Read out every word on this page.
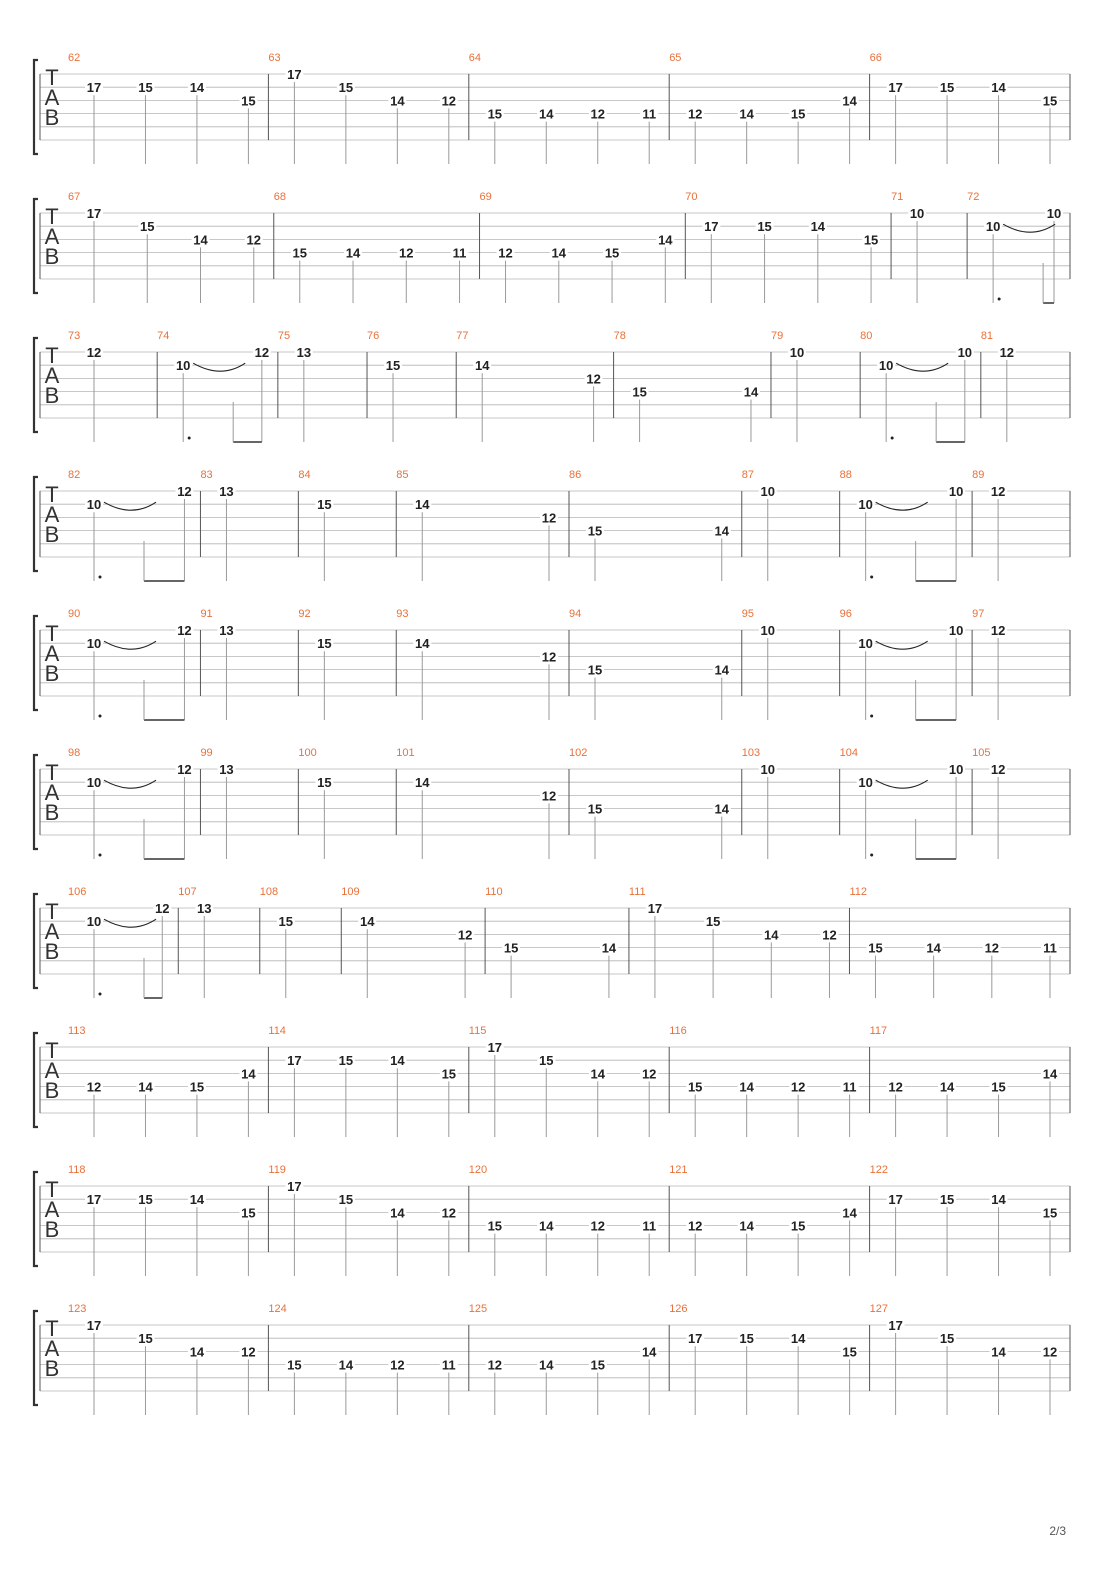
T
A
B
62
17	15	14
15
63
17
15
14	12
64
15	14	12	11
65
12	14	15
14
66
17	15	14
15
T
A
B
67
17
15
14	12
68
15	14	12	11
69
12	14	15
14
70
17	15	14
15
71
10
72
10
10
T
A
B
73
12
74
10
12
75
13
76
15
77
14
12
78
15	14
79
10
80
10
10
81
12
T
A
B
82
10
12
83
13
84
15
85
14
12
86
15	14
87
10
88
10
10
89
12
T
A
B
90
10
12
91
13
92
15
93
14
12
94
15	14
95
10
96
10
10
97
12
T
A
B
98
10
12
99
13
100
15
101
14
12
102
15	14
103
10
104
10
10
105
12
T
A
B
106
10
12
107
13
108
15
109
14
12
110
15	14
111
17
15
14	12
112
15	14	12	11
T
A
B
113
12	14	15
14
114
17	15	14
15
115
17
15
14	12
116
15	14	12	11
117
12	14	15
14
T
A
B
118
17	15	14
15
119
17
15
14	12
120
15	14	12	11
121
12	14	15
14
122
17	15	14
15
T
A
B
123
17
15
14	12
124
15	14	12	11
125
12	14	15
14
126
17	15	14
15
127
17
15
14	12
2/3
